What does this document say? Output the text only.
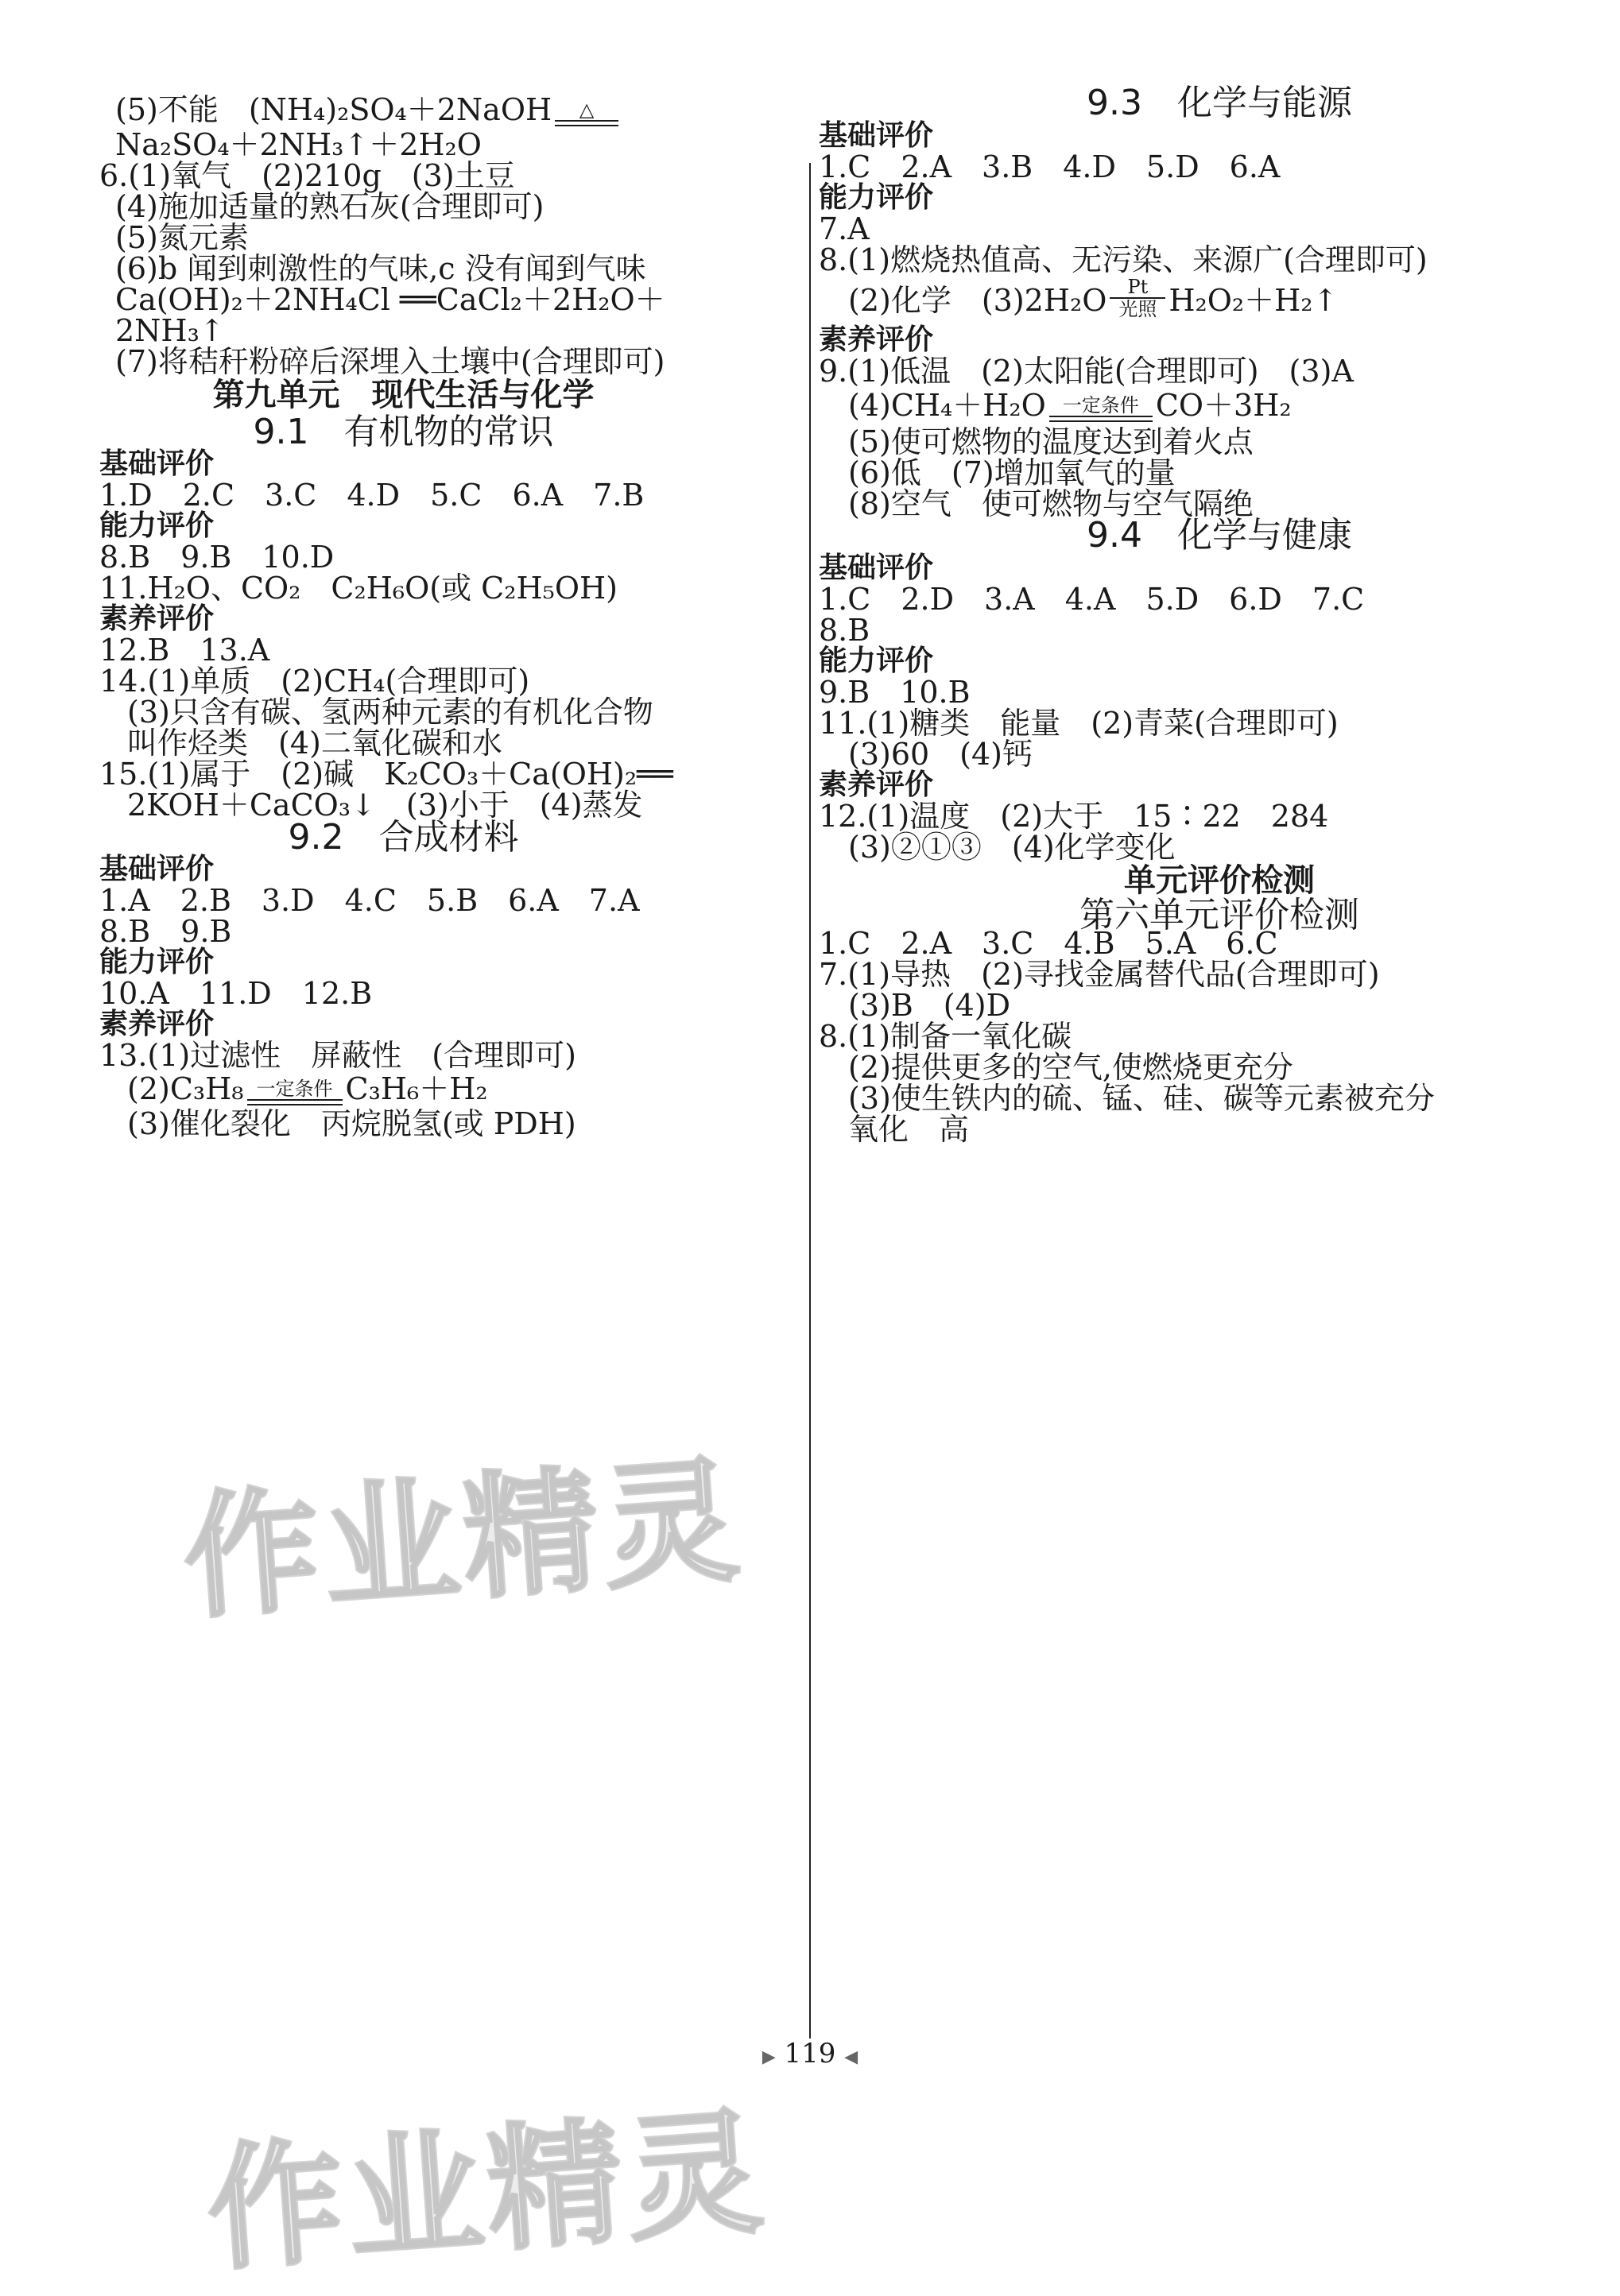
(5)不能　(NH₄)₂SO₄＋2NaOH	△
Na₂SO₄＋2NH₃↑＋2H₂O
6.(1)氧气　(2)210g　(3)土豆
(4)施加适量的熟石灰(合理即可)
(5)氮元素
(6)b 闻到刺激性的气味,c 没有闻到气味
Ca(OH)₂＋2NH₄Cl ══CaCl₂＋2H₂O＋
2NH₃↑
(7)将秸秆粉碎后深埋入土壤中(合理即可)
第九单元　现代生活与化学
9.1　有机物的常识
基础评价
1.D　2.C　3.C　4.D　5.C　6.A　7.B
能力评价
8.B　9.B　10.D
11.H₂O、CO₂　C₂H₆O(或 C₂H₅OH)
素养评价
12.B　13.A
14.(1)单质　(2)CH₄(合理即可)
(3)只含有碳、氢两种元素的有机化合物
叫作烃类　(4)二氧化碳和水
15.(1)属于　(2)碱　K₂CO₃＋Ca(OH)₂══
2KOH＋CaCO₃↓　(3)小于　(4)蒸发
9.2　合成材料
基础评价
1.A　2.B　3.D　4.C　5.B　6.A　7.A
8.B　9.B
能力评价
10.A　11.D　12.B
素养评价
13.(1)过滤性　屏蔽性　(合理即可)
(2)C₃H₈ 一定条件 C₃H₆＋H₂
(3)催化裂化　丙烷脱氢(或 PDH)
9.3　化学与能源
基础评价
1.C　2.A　3.B　4.D　5.D　6.A
能力评价
7.A
8.(1)燃烧热值高、无污染、来源广(合理即可)
(2)化学　(3)2H₂O	Pt
光照 H₂O₂＋H₂↑
素养评价
9.(1)低温　(2)太阳能(合理即可)　(3)A
(4)CH₄＋H₂O 一定条件 CO＋3H₂
(5)使可燃物的温度达到着火点
(6)低　(7)增加氧气的量
(8)空气　使可燃物与空气隔绝
9.4　化学与健康
基础评价
1.C　2.D　3.A　4.A　5.D　6.D　7.C
8.B
能力评价
9.B　10.B
11.(1)糖类　能量　(2)青菜(合理即可)
(3)60　(4)钙
素养评价
12.(1)温度　(2)大于　15∶22　284
(3)②①③　(4)化学变化
单元评价检测
第六单元评价检测
1.C　2.A　3.C　4.B　5.A　6.C
7.(1)导热　(2)寻找金属替代品(合理即可)
(3)B　(4)D
8.(1)制备一氧化碳
(2)提供更多的空气,使燃烧更充分
(3)使生铁内的硫、锰、硅、碳等元素被充分
氧化　高
▶ 119 ◀
作业精灵
作业精灵
